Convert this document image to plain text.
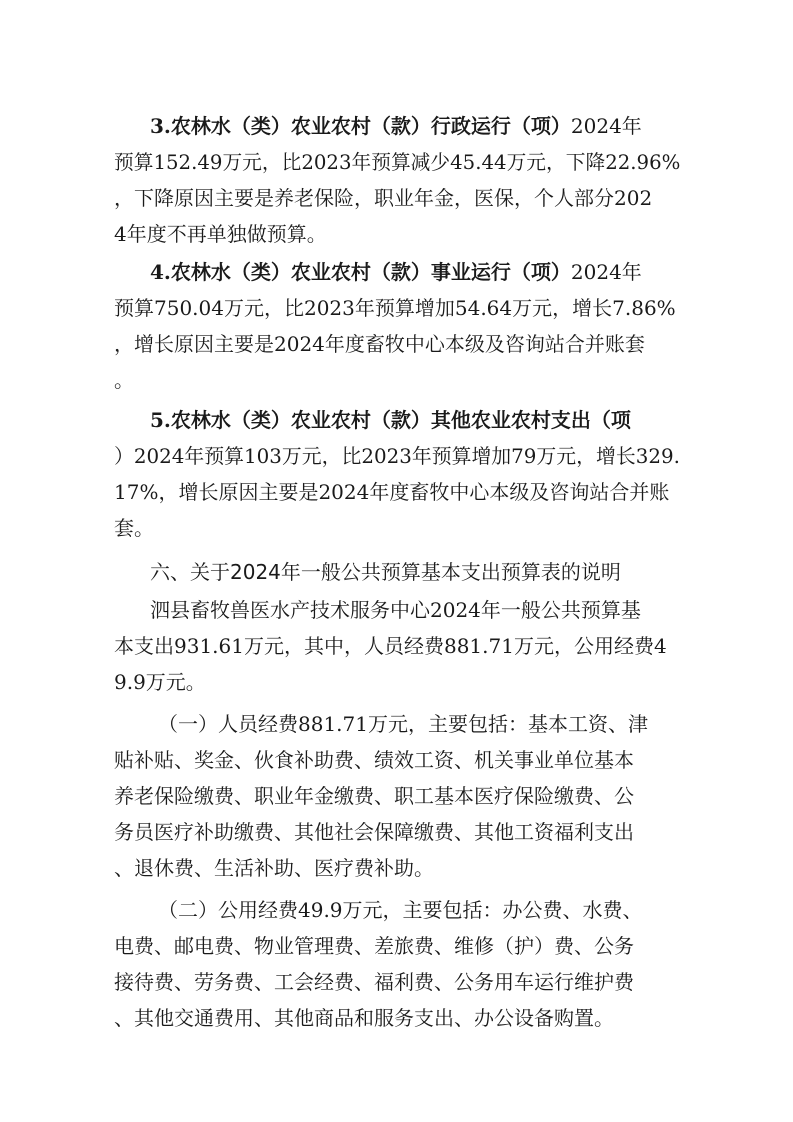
3.农林水（类）农业农村（款）行政运行（项）2024年
预算152.49万元，比2023年预算减少45.44万元，下降22.96%
，下降原因主要是养老保险，职业年金，医保，个人部分202
4年度不再单独做预算。
4.农林水（类）农业农村（款）事业运行（项）2024年
预算750.04万元，比2023年预算增加54.64万元，增长7.86%
，增长原因主要是2024年度畜牧中心本级及咨询站合并账套
。
5.农林水（类）农业农村（款）其他农业农村支出（项
）2024年预算103万元，比2023年预算增加79万元，增长329.
17%，增长原因主要是2024年度畜牧中心本级及咨询站合并账
套。
六、关于2024年一般公共预算基本支出预算表的说明
泗县畜牧兽医水产技术服务中心2024年一般公共预算基
本支出931.61万元，其中，人员经费881.71万元，公用经费4
9.9万元。
（一）人员经费881.71万元，主要包括：基本工资、津
贴补贴、奖金、伙食补助费、绩效工资、机关事业单位基本
养老保险缴费、职业年金缴费、职工基本医疗保险缴费、公
务员医疗补助缴费、其他社会保障缴费、其他工资福利支出
、退休费、生活补助、医疗费补助。
（二）公用经费49.9万元，主要包括：办公费、水费、
电费、邮电费、物业管理费、差旅费、维修（护）费、公务
接待费、劳务费、工会经费、福利费、公务用车运行维护费
、其他交通费用、其他商品和服务支出、办公设备购置。
